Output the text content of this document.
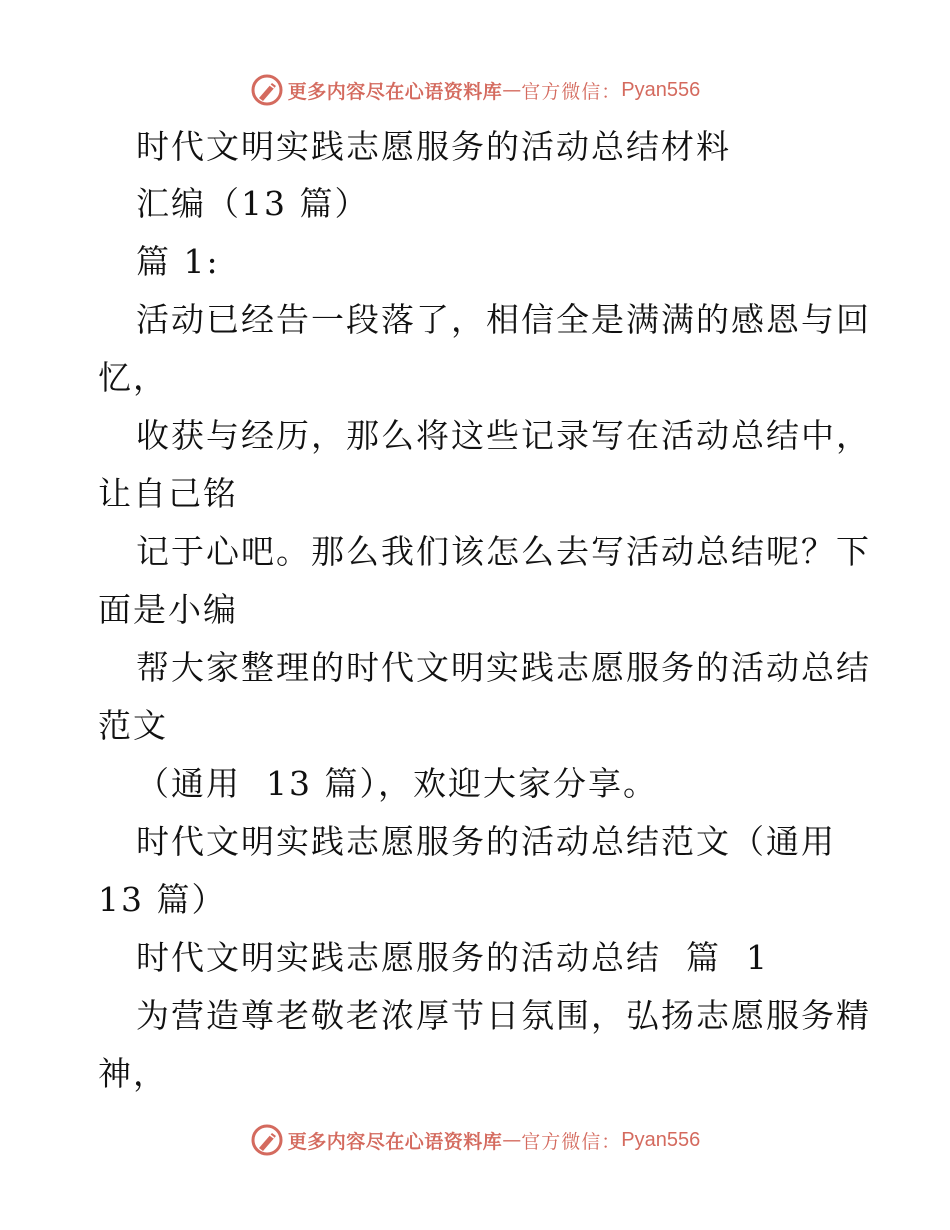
更多内容尽在心语资料库 — 官方微信： Pyan556
时代文明实践志愿服务的活动总结材料
汇编（13 篇）
篇 1:
活动已经告一段落了，相信全是满满的感恩与回
忆，
收获与经历，那么将这些记录写在活动总结中，
让自己铭
记于心吧。那么我们该怎么去写活动总结呢？下
面是小编
帮大家整理的时代文明实践志愿服务的活动总结
范文
（通用  13 篇），欢迎大家分享。
时代文明实践志愿服务的活动总结范文（通用
13 篇）
时代文明实践志愿服务的活动总结  篇  1
为营造尊老敬老浓厚节日氛围，弘扬志愿服务精
神，
更多内容尽在心语资料库 — 官方微信： Pyan556
